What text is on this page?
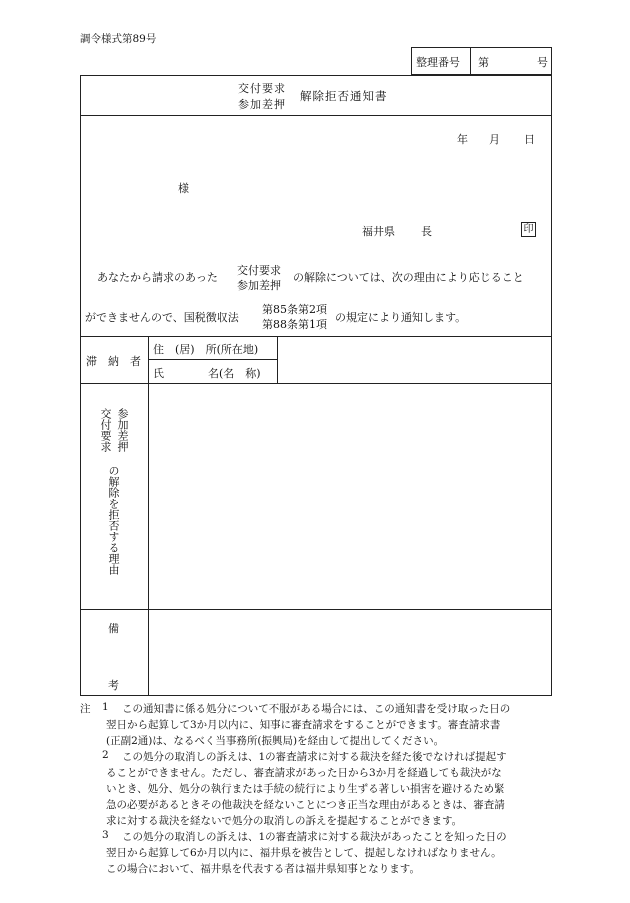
調令様式第89号
整理番号 第	号
交付要求
参加差押
解除拒否通知書
年 月 日
様
福井県 長	印
あなたから請求のあった
交付要求
参加差押
の解除については、次の理由により応じること
ができませんので、国税徴収法
第85条第2項
第88条第1項
の規定により通知します。
滞　納　者
住　(居)　所(所在地)
氏　　　　名(名　称)
参加差押
交付要求
の解除を拒否する理由
備
考
注 1 この通知書に係る処分について不服がある場合には、この通知書を受け取った日の
翌日から起算して3か月以内に、知事に審査請求をすることができます。審査請求書
(正副2通)は、なるべく当事務所(振興局)を経由して提出してください。
2 この処分の取消しの訴えは、1の審査請求に対する裁決を経た後でなければ提起す
ることができません。ただし、審査請求があった日から3か月を経過しても裁決がな
いとき、処分、処分の執行または手続の続行により生ずる著しい損害を避けるため緊
急の必要があるときその他裁決を経ないことにつき正当な理由があるときは、審査請
求に対する裁決を経ないで処分の取消しの訴えを提起することができます。
3 この処分の取消しの訴えは、1の審査請求に対する裁決があったことを知った日の
翌日から起算して6か月以内に、福井県を被告として、提起しなければなりません。
この場合において、福井県を代表する者は福井県知事となります。
